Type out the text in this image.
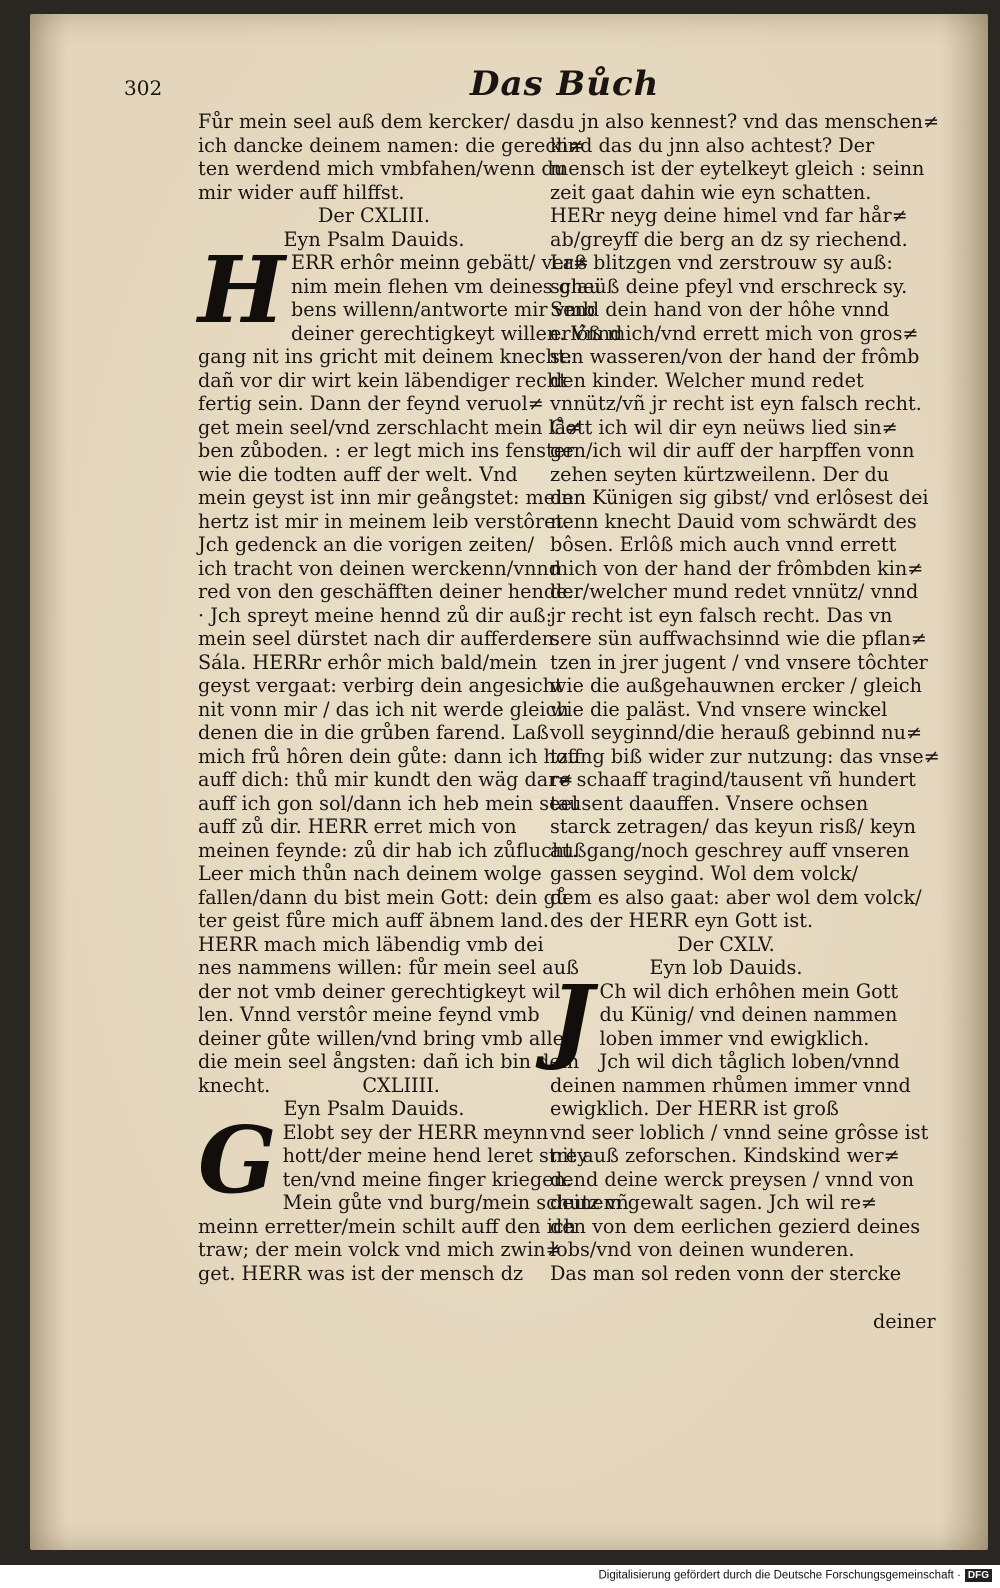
302	Das Bůch
Fůr mein seel auß dem kercker/ das
ich dancke deinem namen: die gerech≠
ten werdend mich vmbfahen/wenn du
mir wider auff hilffst.
Der CXLIII.
Eyn Psalm Dauids.
H ERR erhôr meinn gebätt/ ver≠
nim mein flehen vm deines glau
bens willenn/antworte mir vmb
deiner gerechtigkeyt willen. Vnnd
gang nit ins gricht mit deinem knecht:
dañ vor dir wirt kein läbendiger recht
fertig sein. Dann der feynd veruol≠
get mein seel/vnd zerschlacht mein lå≠
ben zůboden. : er legt mich ins fenster
wie die todten auff der welt. Vnd
mein geyst ist inn mir geångstet: meinn
hertz ist mir in meinem leib verstôret.
Jch gedenck an die vorigen zeiten/
ich tracht von deinen werckenn/vnnd
red von den geschäfften deiner hende.
· Jch spreyt meine hennd zů dir auß:
mein seel dürstet nach dir aufferden.
Sála. HERRr erhôr mich bald/mein
geyst vergaat: verbirg dein angesicht
nit vonn mir / das ich nit werde gleich
denen die in die grůben farend. Laß
mich frů hôren dein gůte: dann ich hoff
auff dich: thů mir kundt den wäg dar≠
auff ich gon sol/dann ich heb mein seel
auff zů dir. HERR erret mich von
meinen feynde: zů dir hab ich zůflucht.
Leer mich thůn nach deinem wolge
fallen/dann du bist mein Gott: dein gů
ter geist fůre mich auff äbnem land.
HERR mach mich läbendig vmb dei
nes nammens willen: fůr mein seel auß
der not vmb deiner gerechtigkeyt wil
len. Vnnd verstôr meine feynd vmb
deiner gůte willen/vnd bring vmb alle
die mein seel ångsten: dañ ich bin dein
knecht.	CXLIIII.
Eyn Psalm Dauids.
G Elobt sey der HERR meynn
hott/der meine hend leret strey
ten/vnd meine finger kriegen.
Mein gůte vnd burg/mein schutz vñ
meinn erretter/mein schilt auff den ich
traw; der mein volck vnd mich zwin≠
get. HERR was ist der mensch dz
du jn also kennest? vnd das menschen≠
kind das du jnn also achtest? Der
mensch ist der eytelkeyt gleich : seinn
zeit gaat dahin wie eyn schatten.
HERr neyg deine himel vnd far hår≠
ab/greyff die berg an dz sy riechend.
Laß blitzgen vnd zerstrouw sy auß:
scheüß deine pfeyl vnd erschreck sy.
Send dein hand von der hôhe vnnd
erlôß mich/vnd errett mich von gros≠
sen wasseren/von der hand der frômb
den kinder. Welcher mund redet
vnnütz/vñ jr recht ist eyn falsch recht.
Gott ich wil dir eyn neüws lied sin≠
gen/ich wil dir auff der harpffen vonn
zehen seyten kürtzweilenn. Der du
den Künigen sig gibst/ vnd erlôsest dei
nenn knecht Dauid vom schwärdt des
bôsen. Erlôß mich auch vnnd errett
mich von der hand der frômbden kin≠
der/welcher mund redet vnnütz/ vnnd
jr recht ist eyn falsch recht. Das vn
sere sün auffwachsinnd wie die pflan≠
tzen in jrer jugent / vnd vnsere tôchter
wie die außgehauwnen ercker / gleich
wie die paläst. Vnd vnsere winckel
voll seyginnd/die herauß gebinnd nu≠
tzung biß wider zur nutzung: das vnse≠
re schaaff tragind/tausent vñ hundert
tausent daauffen. Vnsere ochsen
starck zetragen/ das keyun risß/ keyn
außgang/noch geschrey auff vnseren
gassen seygind. Wol dem volck/
dem es also gaat: aber wol dem volck/
des der HERR eyn Gott ist.
Der CXLV.
Eyn lob Dauids.
J Ch wil dich erhôhen mein Gott
du Künig/ vnd deinen nammen
loben immer vnd ewigklich.
Jch wil dich tåglich loben/vnnd
deinen nammen rhůmen immer vnnd
ewigklich. Der HERR ist groß
vnd seer loblich / vnnd seine grôsse ist
nit auß zeforschen. Kindskind wer≠
dend deine werck preysen / vnnd von
deinem gewalt sagen. Jch wil re≠
den von dem eerlichen gezierd deines
lobs/vnd von deinen wunderen.
Das man sol reden vonn der stercke
deiner
Digitalisierung gefördert durch die Deutsche Forschungsgemeinschaft · DFG
